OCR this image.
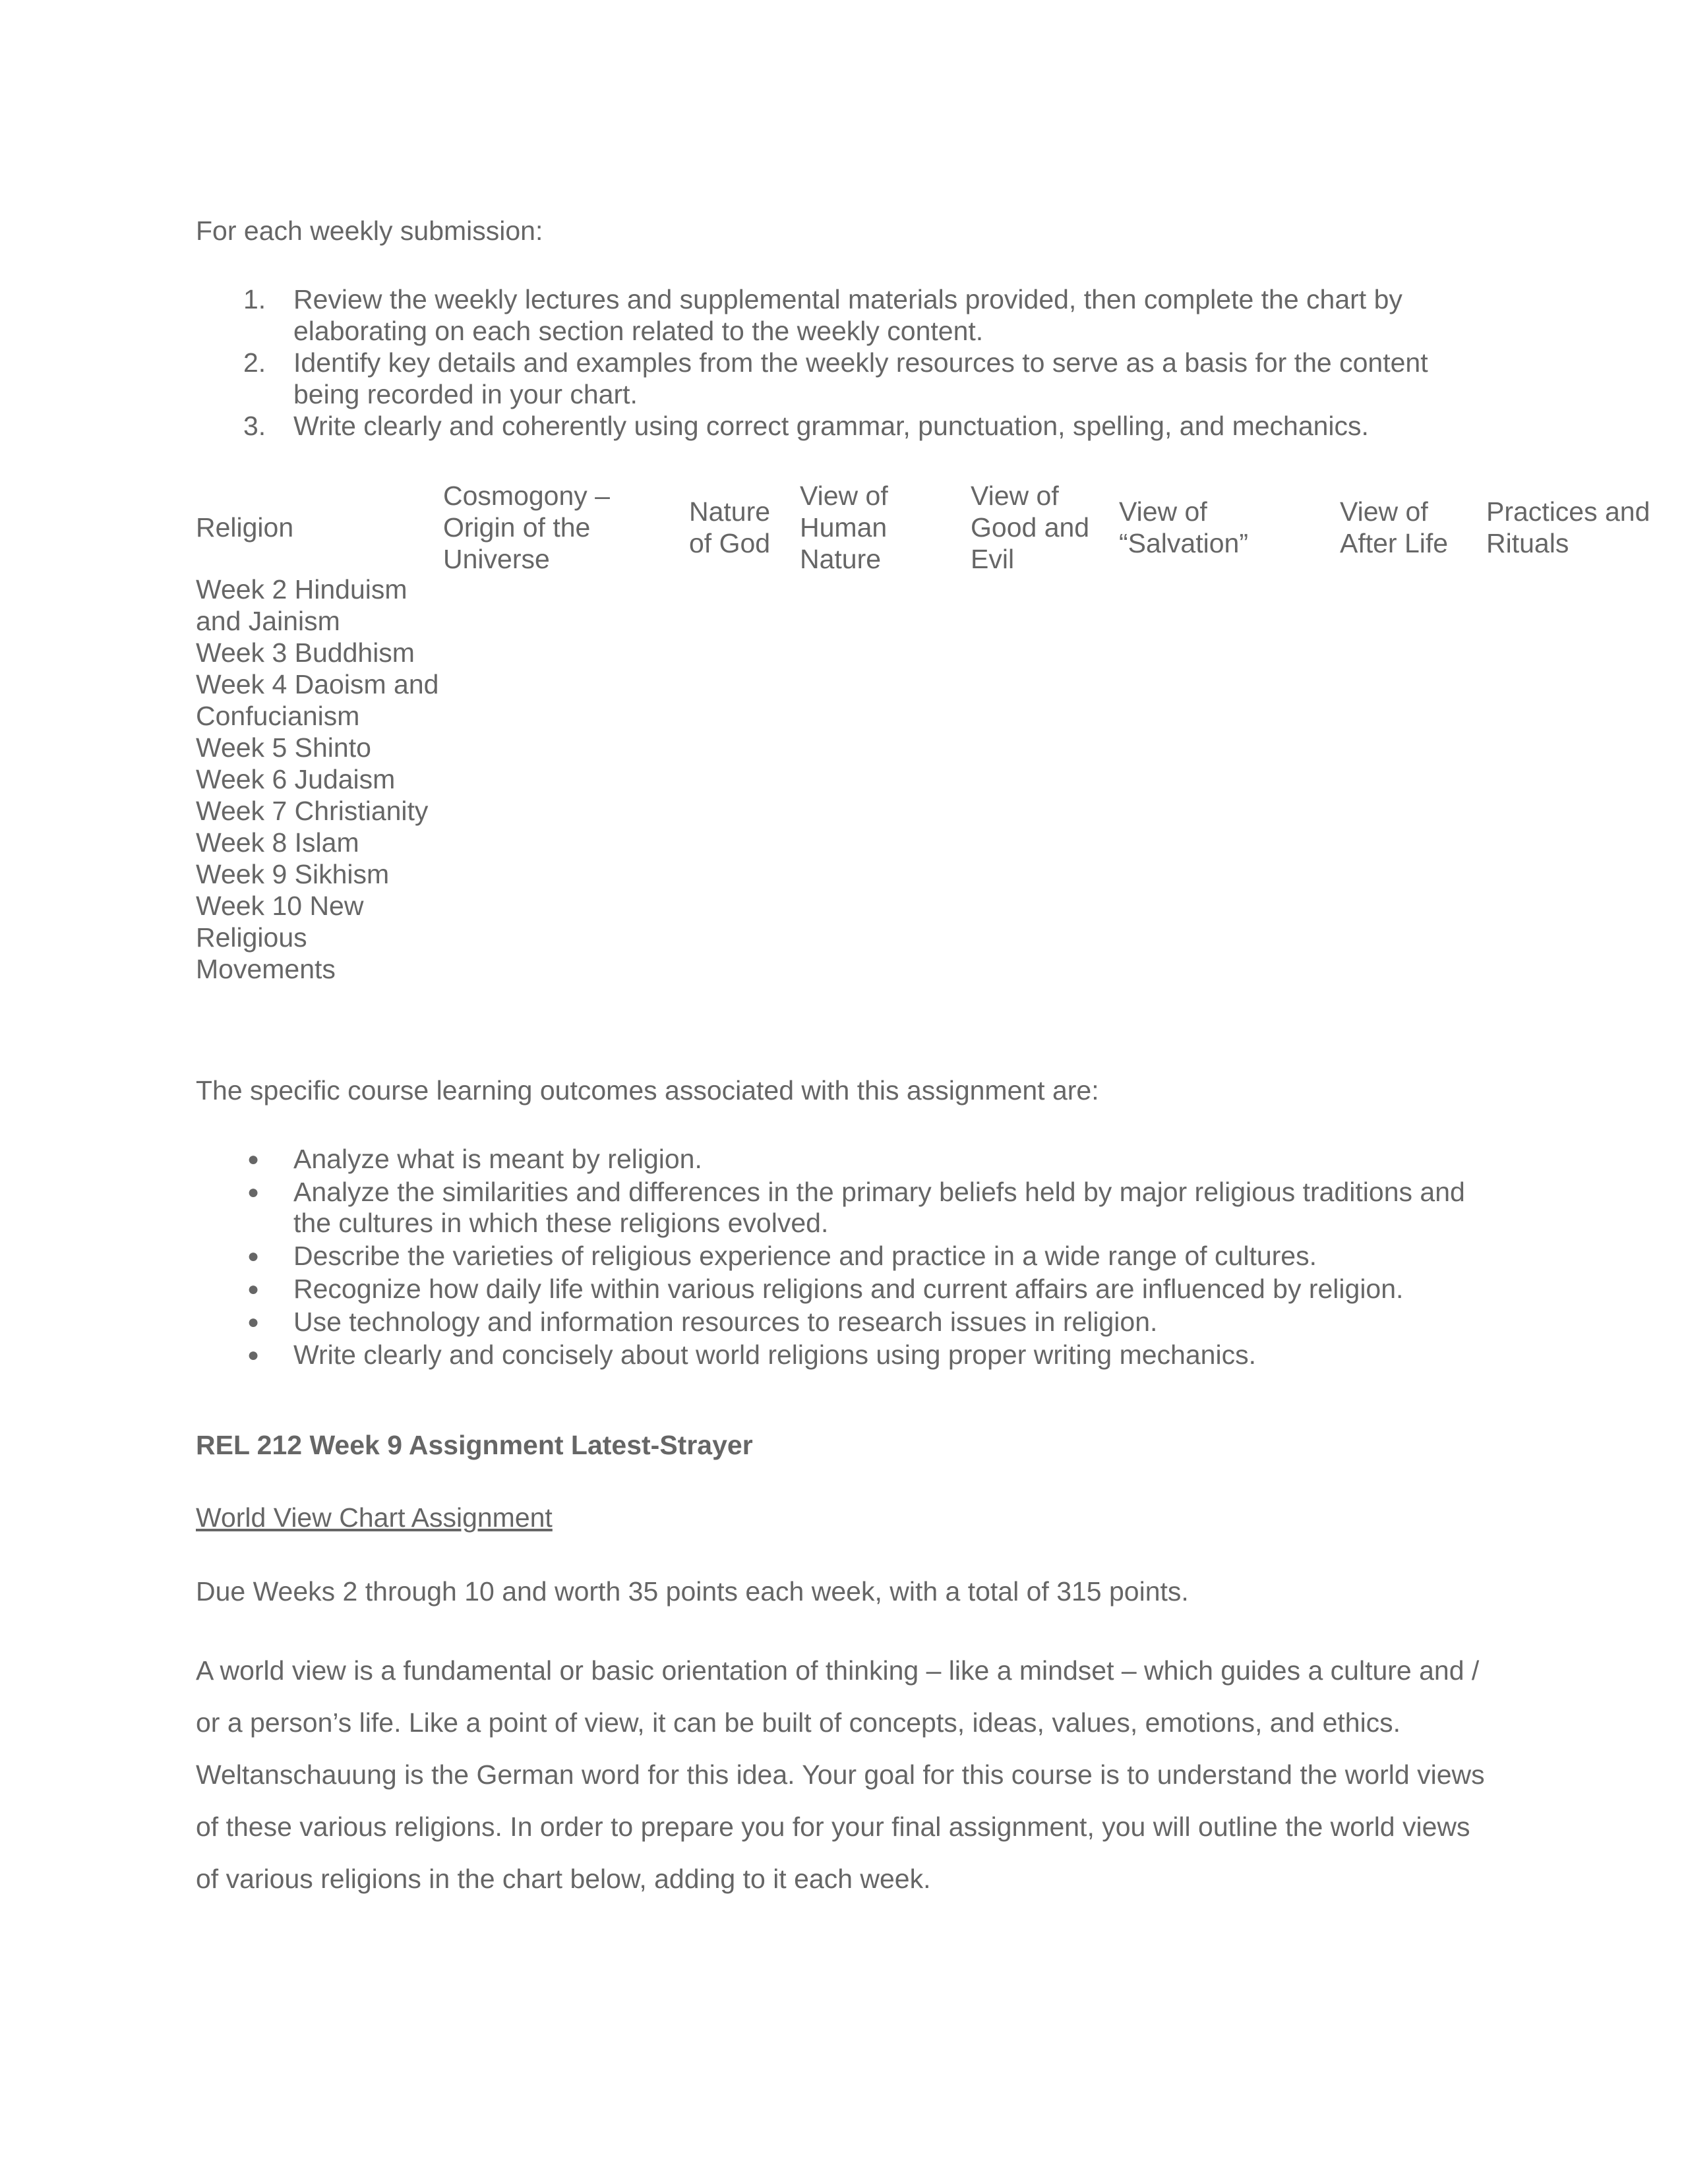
For each weekly submission:
1. Review the weekly lectures and supplemental materials provided, then complete the chart by elaborating on each section related to the weekly content.
2. Identify key details and examples from the weekly resources to serve as a basis for the content being recorded in your chart.
3. Write clearly and coherently using correct grammar, punctuation, spelling, and mechanics.
Religion
Cosmogony –
Origin of the
Universe
Nature
of God
View of
Human
Nature
View of
Good and
Evil
View of
“Salvation”
View of
After Life
Practices and
Rituals
Week 2 Hinduism and Jainism
Week 3 Buddhism
Week 4 Daoism and Confucianism
Week 5 Shinto
Week 6 Judaism
Week 7 Christianity
Week 8 Islam
Week 9 Sikhism
Week 10 New Religious Movements
The specific course learning outcomes associated with this assignment are:
● Analyze what is meant by religion.
● Analyze the similarities and differences in the primary beliefs held by major religious traditions and the cultures in which these religions evolved.
● Describe the varieties of religious experience and practice in a wide range of cultures.
● Recognize how daily life within various religions and current affairs are influenced by religion.
● Use technology and information resources to research issues in religion.
● Write clearly and concisely about world religions using proper writing mechanics.
REL 212 Week 9 Assignment Latest-Strayer
World View Chart Assignment
Due Weeks 2 through 10 and worth 35 points each week, with a total of 315 points.
A world view is a fundamental or basic orientation of thinking – like a mindset – which guides a culture and / or a person’s life. Like a point of view, it can be built of concepts, ideas, values, emotions, and ethics. Weltanschauung is the German word for this idea. Your goal for this course is to understand the world views of these various religions. In order to prepare you for your final assignment, you will outline the world views of various religions in the chart below, adding to it each week.
